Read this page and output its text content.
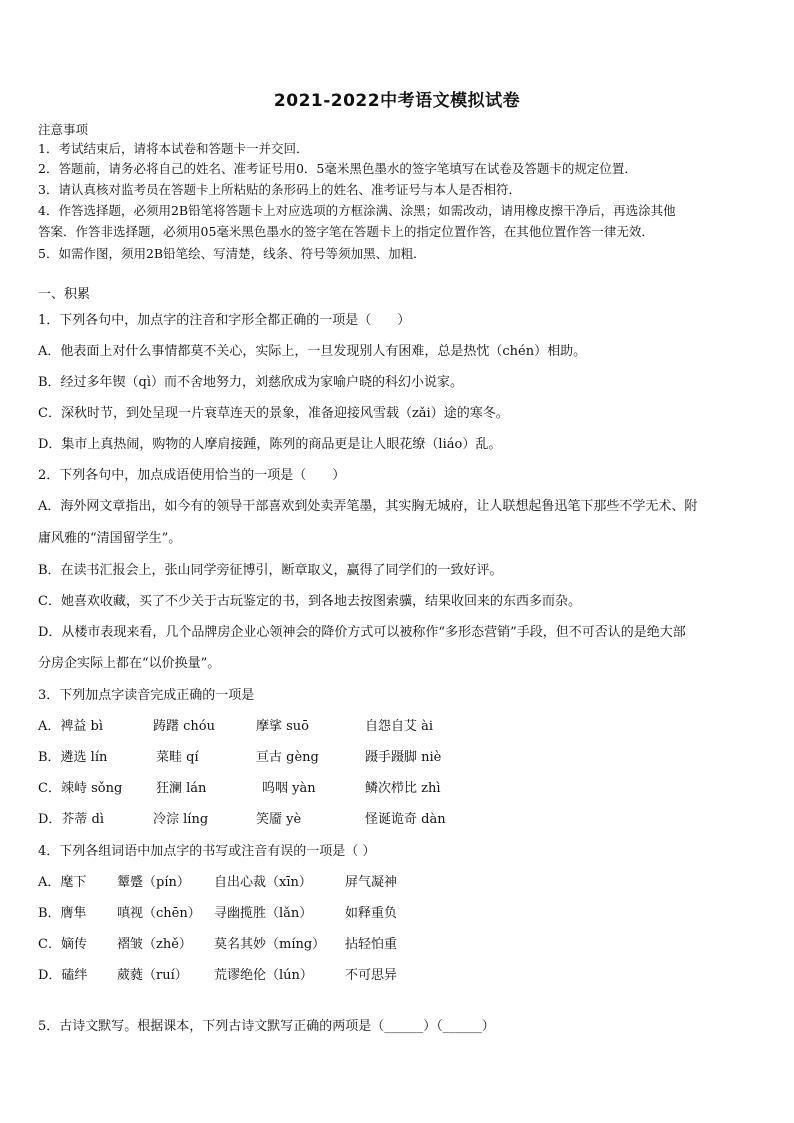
2021-2022中考语文模拟试卷
注意事项
1．考试结束后，请将本试卷和答题卡一并交回．
2．答题前，请务必将自己的姓名、准考证号用0．5毫米黑色墨水的签字笔填写在试卷及答题卡的规定位置．
3．请认真核对监考员在答题卡上所粘贴的条形码上的姓名、准考证号与本人是否相符．
4．作答选择题，必须用2B铅笔将答题卡上对应选项的方框涂满、涂黑；如需改动，请用橡皮擦干净后，再选涂其他
答案．作答非选择题，必须用05毫米黑色墨水的签字笔在答题卡上的指定位置作答，在其他位置作答一律无效．
5．如需作图，须用2B铅笔绘、写清楚，线条、符号等须加黑、加粗．
一、积累
1．下列各句中，加点字的注音和字形全都正确的一项是（　　）
A．他表面上对什么事情都莫不关心，实际上，一旦发现别人有困难，总是热忱（chén）相助。
B．经过多年锲（qì）而不舍地努力，刘慈欣成为家喻户晓的科幻小说家。
C．深秋时节，到处呈现一片衰草连天的景象，准备迎接风雪载（zǎi）途的寒冬。
D．集市上真热闹，购物的人摩肩接踵，陈列的商品更是让人眼花缭（liáo）乱。
2．下列各句中，加点成语使用恰当的一项是（　　）
A．海外网文章指出，如今有的领导干部喜欢到处卖弄笔墨，其实胸无城府，让人联想起鲁迅笔下那些不学无术、附
庸风雅的“清国留学生”。
B．在读书汇报会上，张山同学旁征博引，断章取义，赢得了同学们的一致好评。
C．她喜欢收藏，买了不少关于古玩鉴定的书，到各地去按图索骥，结果收回来的东西多而杂。
D．从楼市表现来看，几个品牌房企业心领神会的降价方式可以被称作“多形态营销”手段，但不可否认的是绝大部
分房企实际上都在“以价换量”。
3．下列加点字读音完成正确的一项是
A．裨益 bì	踌躇 chóu	摩挲 suō	自怨自艾 ài
B．遴选 lín	菜畦 qí	亘古 gèng	蹑手蹑脚 niè
C．竦峙 sǒng	狂澜 lán	呜咽 yàn	鳞次栉比 zhì
D．芥蒂 dì	冷淙 líng	笑靥 yè	怪诞诡奇 dàn
4．下列各组词语中加点字的书写或注音有误的一项是（ ）
A．麾下 颦蹙（pín） 自出心裁（xīn）	屏气凝神
B．膺隼 嗔视（chēn） 寻幽揽胜（lǎn）	如释重负
C．嫡传 褶皱（zhě） 莫名其妙（míng） 拈轻怕重
D．磕绊 葳蕤（ruí） 荒谬绝伦（lún） 不可思异
5．古诗文默写。根据课本，下列古诗文默写正确的两项是（______）（______）
